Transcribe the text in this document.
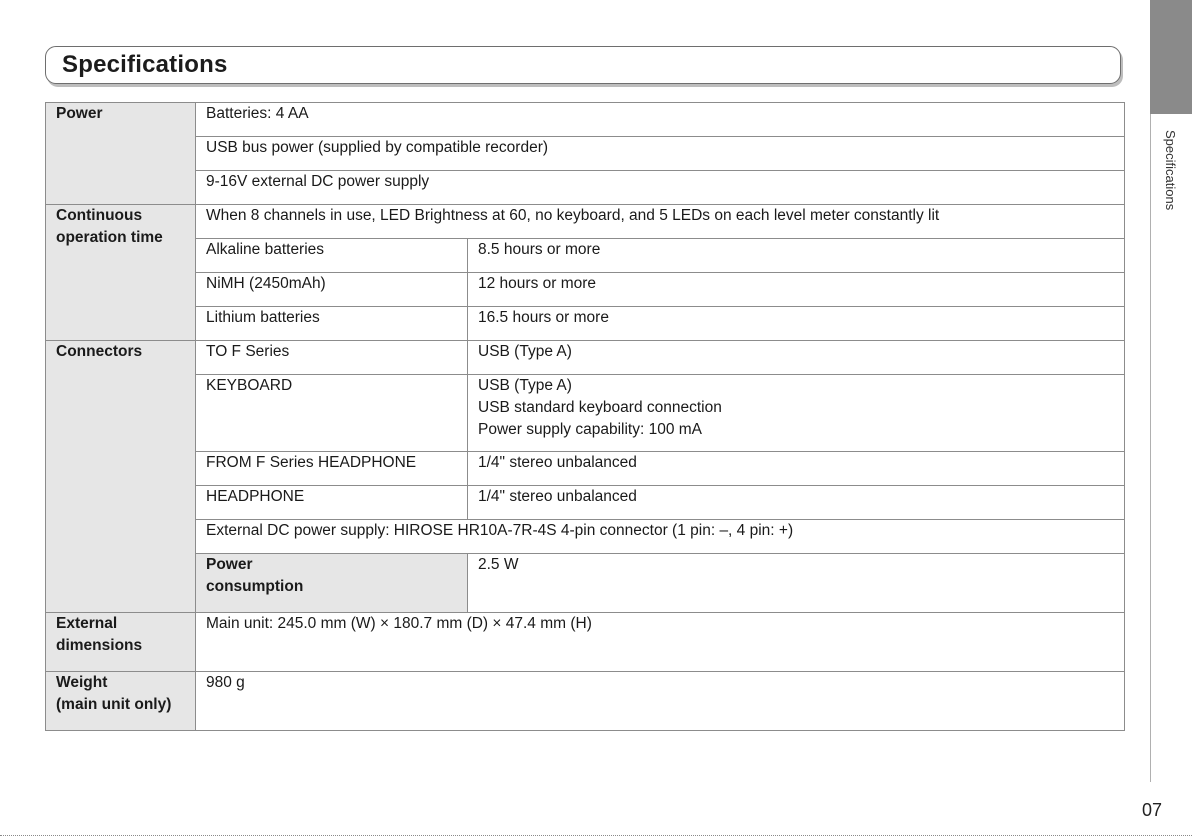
Specifications
Power	Batteries: 4 AA	
	USB bus power (supplied by compatible recorder)	
	9-16V external DC power supply	
Continuous operation time	When 8 channels in use, LED Brightness at 60, no keyboard, and 5 LEDs on each level meter constantly lit	
	Alkaline batteries	8.5 hours or more
	NiMH (2450mAh)	12 hours or more
	Lithium batteries	16.5 hours or more
Connectors	TO F Series	USB (Type A)
	KEYBOARD	USB (Type A)
USB standard keyboard connection
Power supply capability: 100 mA

	FROM F Series HEADPHONE	1/4" stereo unbalanced
	HEADPHONE	1/4" stereo unbalanced
	External DC power supply: HIROSE HR10A-7R-4S 4-pin connector (1 pin: –, 4 pin: +)	

	Power
consumption	2.5 W

External
dimensions	Main unit: 245.0 mm (W) × 180.7 mm (D) × 47.4 mm (H)	

Weight
(main unit only)	980 g	
Specifications
07
